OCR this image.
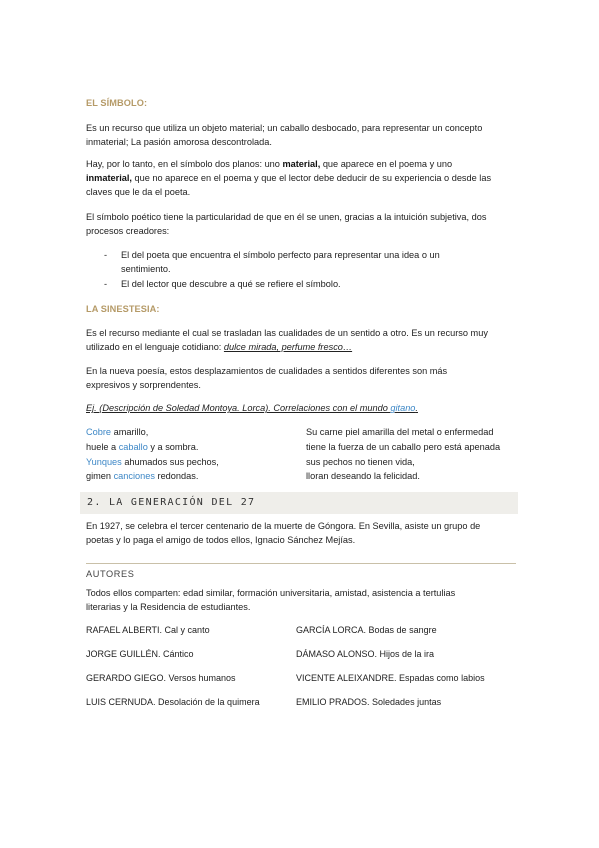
EL SÍMBOLO:
Es un recurso que utiliza un objeto material; un caballo desbocado, para representar un concepto
inmaterial; La pasión amorosa descontrolada.
Hay, por lo tanto, en el símbolo dos planos: uno material, que aparece en el poema y uno
inmaterial, que no aparece en el poema y que el lector debe deducir de su experiencia o desde las
claves que le da el poeta.
El símbolo poético tiene la particularidad de que en él se unen, gracias a la intuición subjetiva, dos
procesos creadores:
-	El del poeta que encuentra el símbolo perfecto para representar una idea o un
sentimiento.
-	El del lector que descubre a qué se refiere el símbolo.
LA SINESTESIA:
Es el recurso mediante el cual se trasladan las cualidades de un sentido a otro. Es un recurso muy
utilizado en el lenguaje cotidiano: dulce mirada, perfume fresco…
En la nueva poesía, estos desplazamientos de cualidades a sentidos diferentes son más
expresivos y sorprendentes.
Ej. (Descripción de Soledad Montoya. Lorca). Correlaciones con el mundo gitano.
Cobre amarillo,
huele a caballo y a sombra.
Yunques ahumados sus pechos,
gimen canciones redondas.
Su carne piel amarilla del metal o enfermedad
tiene la fuerza de un caballo pero está apenada
sus pechos no tienen vida,
lloran deseando la felicidad.
2. LA GENERACIÓN DEL 27
En 1927, se celebra el tercer centenario de la muerte de Góngora. En Sevilla, asiste un grupo de
poetas y lo paga el amigo de todos ellos, Ignacio Sánchez Mejías.
AUTORES
Todos ellos comparten: edad similar, formación universitaria, amistad, asistencia a tertulias
literarias y la Residencia de estudiantes.
RAFAEL ALBERTI. Cal y canto
JORGE GUILLÉN. Cántico
GERARDO GIEGO. Versos humanos
LUIS CERNUDA. Desolación de la quimera
GARCÍA LORCA. Bodas de sangre
DÁMASO ALONSO. Hijos de la ira
VICENTE ALEIXANDRE. Espadas como labios
EMILIO PRADOS. Soledades juntas
